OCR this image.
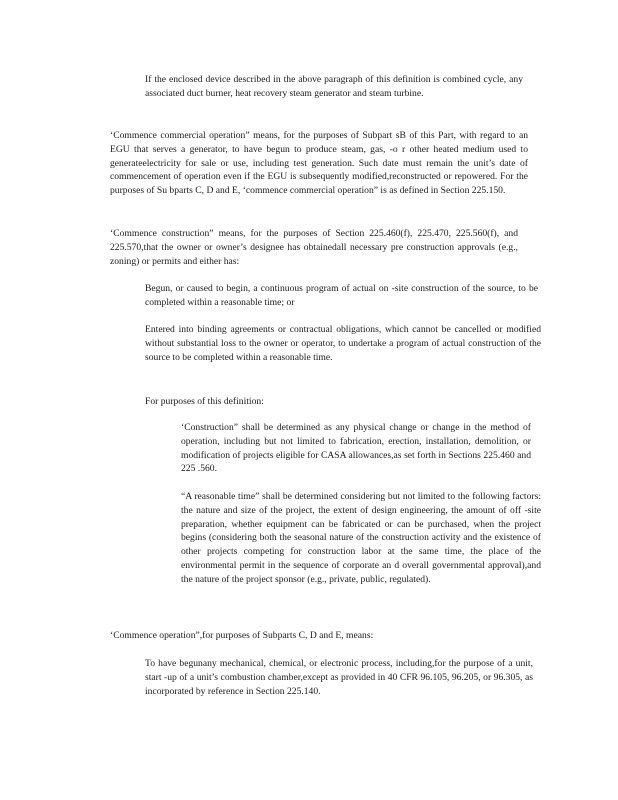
If the enclosed device described in the above paragraph of this definition is combined cycle, any associated duct burner, heat recovery steam generator and steam turbine.

‘Commence commercial operation” means, for the purposes of Subpart sB of this Part, with regard to an EGU that serves a generator, to have begun to produce steam, gas, -o r other heated medium used to generateelectricity for sale or use, including test generation. Such date must remain the unit’s date of commencement of operation even if the EGU is subsequently modified,reconstructed or repowered. For the purposes of Su bparts C, D and E, ‘commence commercial operation” is as defined in Section 225.150.

‘Commence construction” means, for the purposes of Section 225.460(f), 225.470, 225.560(f), and 225.570,that the owner or owner’s designee has obtainedall necessary pre construction approvals (e.g., zoning) or permits and either has:

Begun, or caused to begin, a continuous program of actual on -site construction of the source, to be completed within a reasonable time; or

Entered into binding agreements or contractual obligations, which cannot be cancelled or modified without substantial loss to the owner or operator, to undertake a program of actual construction of the source to be completed within a reasonable time.

For purposes of this definition:

‘Construction” shall be determined as any physical change or change in the method of operation, including but not limited to fabrication, erection, installation, demolition, or modification of projects eligible for CASA allowances,as set forth in Sections 225.460 and 225 .560.

“A reasonable time” shall be determined considering but not limited to the following factors: the nature and size of the project, the extent of design engineering, the amount of off -site preparation, whether equipment can be fabricated or can be purchased, when the project begins (considering both the seasonal nature of the construction activity and the existence of other projects competing for construction labor at the same time, the place of the environmental permit in the sequence of corporate an d overall governmental approval),and the nature of the project sponsor (e.g., private, public, regulated).

‘Commence operation”,for purposes of Subparts C, D and E, means:

To have begunany mechanical, chemical, or electronic process, including,for the purpose of a unit, start -up of a unit’s combustion chamber,except as provided in 40 CFR 96.105, 96.205, or 96.305, as incorporated by reference in Section 225.140.
